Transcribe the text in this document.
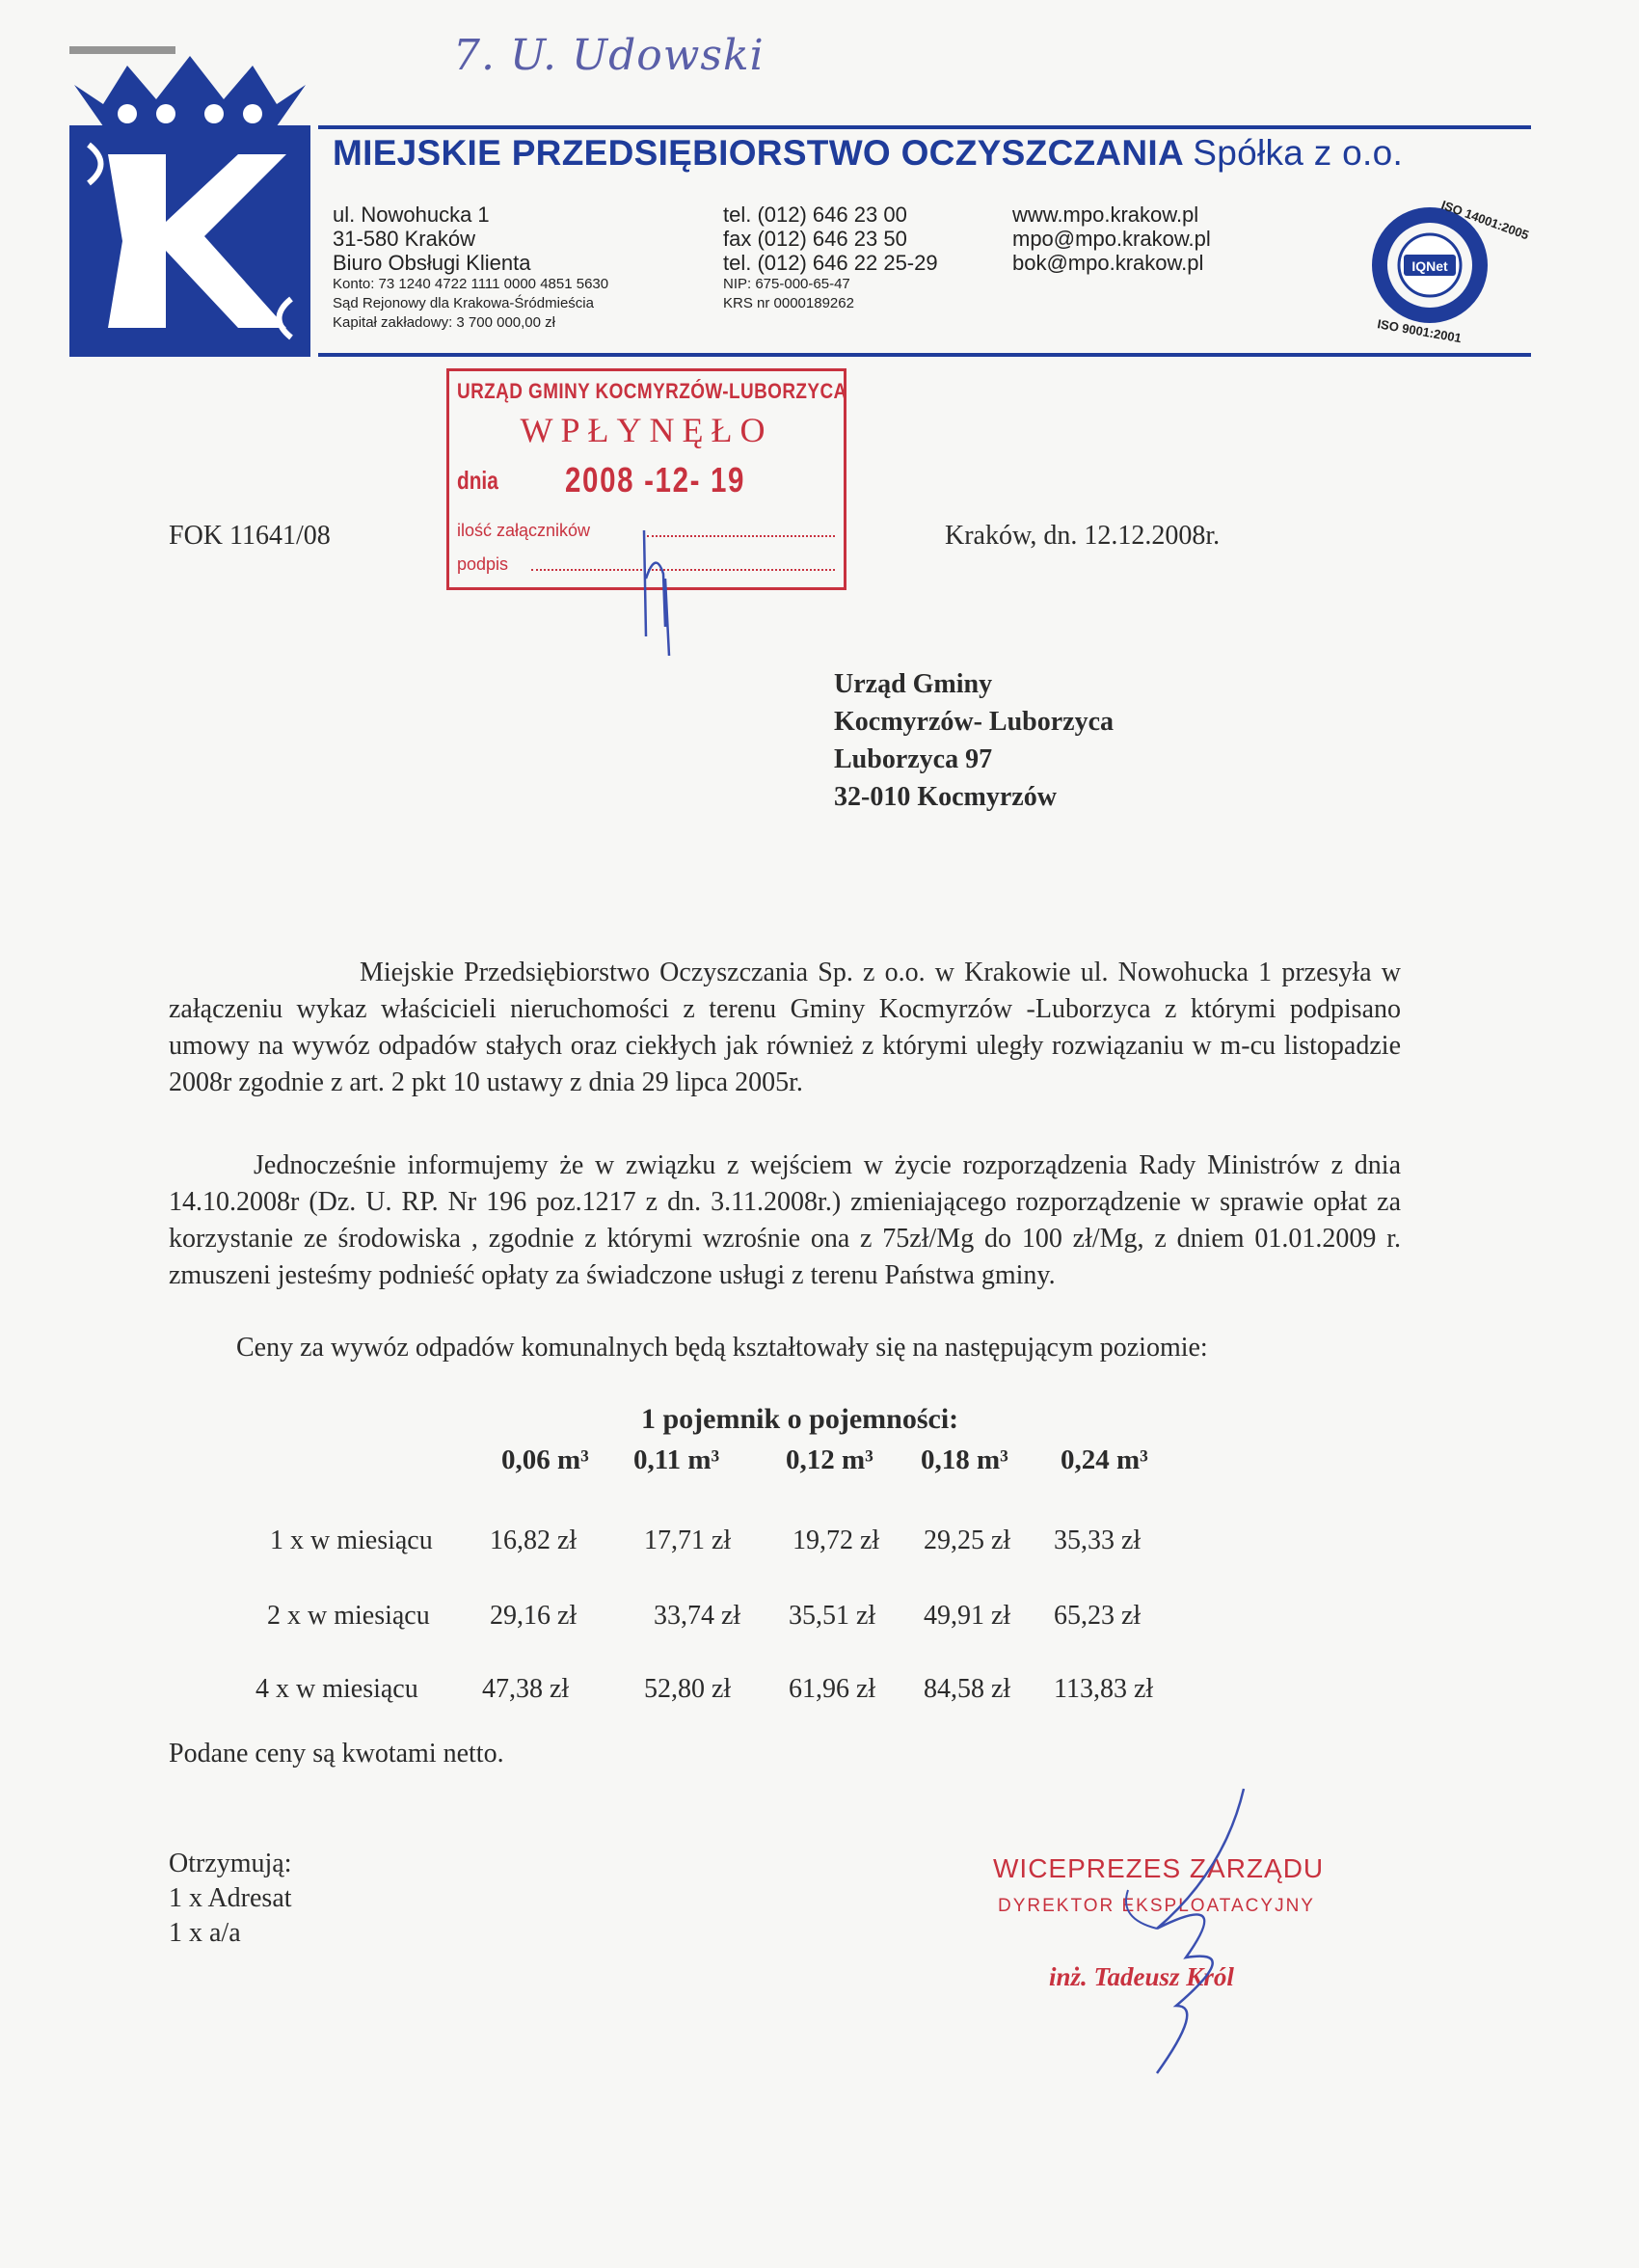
7. U. Udowski
MIEJSKIE PRZEDSIĘBIORSTWO OCZYSZCZANIA Spółka z o.o.
ul. Nowohucka 1
31-580 Kraków
Biuro Obsługi Klienta
Konto: 73 1240 4722 1111 0000 4851 5630
Sąd Rejonowy dla Krakowa-Śródmieścia
Kapitał zakładowy: 3 700 000,00 zł
tel. (012) 646 23 00
fax (012) 646 23 50
tel. (012) 646 22 25-29
NIP: 675-000-65-47
KRS nr 0000189262
www.mpo.krakow.pl
mpo@mpo.krakow.pl
bok@mpo.krakow.pl	IQNet
ISO 14001:2005
ISO 9001:2001
URZĄD GMINY KOCMYRZÓW-LUBORZYCA
WPŁYNĘŁO
dnia 2008 -12- 19
ilość załączników
podpis
FOK 11641/08	Kraków, dn. 12.12.2008r.
Urząd Gminy
Kocmyrzów- Luborzyca
Luborzyca 97
32-010 Kocmyrzów
Miejskie Przedsiębiorstwo Oczyszczania Sp. z o.o. w Krakowie ul. Nowohucka 1 przesyła w załączeniu wykaz właścicieli nieruchomości z terenu Gminy Kocmyrzów -Luborzyca z którymi podpisano umowy na wywóz odpadów stałych oraz ciekłych jak również z którymi uległy rozwiązaniu w m-cu listopadzie 2008r zgodnie z art. 2 pkt 10 ustawy z dnia 29 lipca 2005r.
Jednocześnie informujemy że w związku z wejściem w życie rozporządzenia Rady Ministrów z dnia 14.10.2008r (Dz. U. RP. Nr 196 poz.1217 z dn. 3.11.2008r.) zmieniającego rozporządzenie w sprawie opłat za korzystanie ze środowiska , zgodnie z którymi wzrośnie ona z 75zł/Mg do 100 zł/Mg, z dniem 01.01.2009 r. zmuszeni jesteśmy podnieść opłaty za świadczone usługi z terenu Państwa gminy.
Ceny za wywóz odpadów komunalnych będą kształtowały się na następującym poziomie:
1 pojemnik o pojemności:
0,06 m³ 0,11 m³ 0,12 m³ 0,18 m³ 0,24 m³
1 x w miesiącu 16,82 zł 17,71 zł 19,72 zł 29,25 zł 35,33 zł
2 x w miesiącu 29,16 zł	33,74 zł 35,51 zł 49,91 zł 65,23 zł
4 x w miesiącu 47,38 zł	52,80 zł 61,96 zł 84,58 zł 113,83 zł
Podane ceny są kwotami netto.
Otrzymują:
1 x Adresat
1 x a/a
WICEPREZES ZARZĄDU
DYREKTOR EKSPLOATACYJNY
inż. Tadeusz Król
